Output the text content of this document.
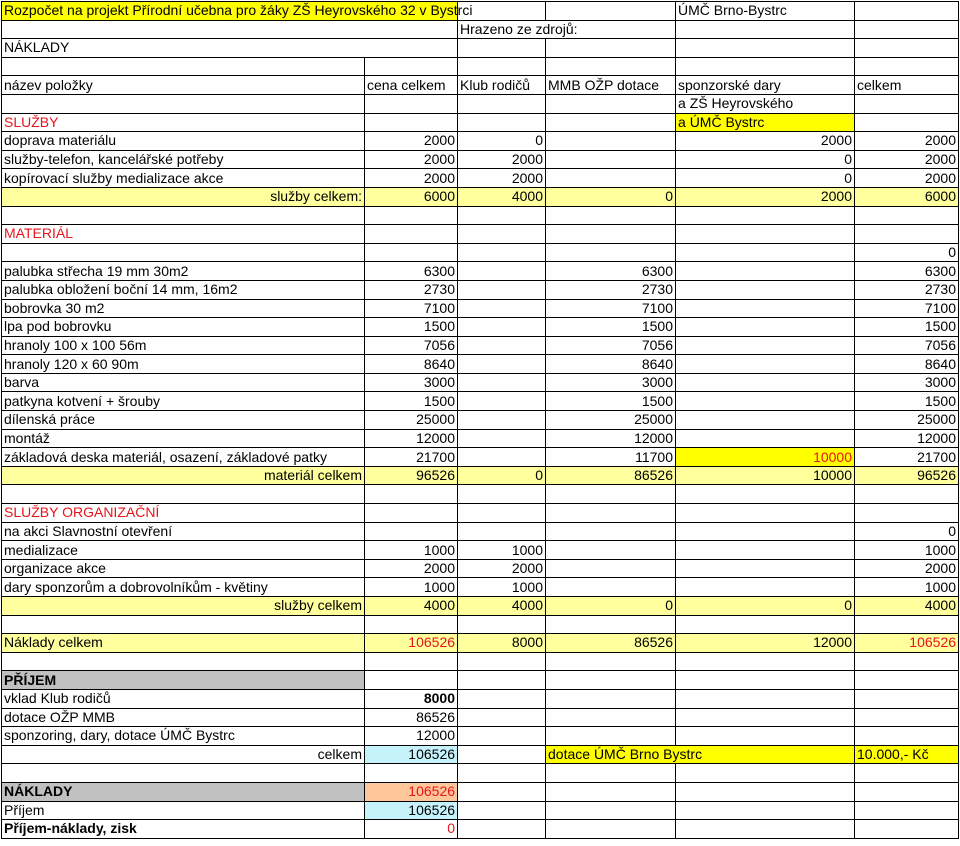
Rozpočet na projekt Přírodní učebna pro žáky ZŠ Heyrovského 32 v Bystrci				ÚMČ Brno-Bystrc	
		Hrazeno ze zdrojů:			
NÁKLADY					

název položky	cena celkem	Klub rodičů	MMB OŽP dotace	sponzorské dary	celkem
				a ZŠ Heyrovského	
SLUŽBY				a ÚMČ Bystrc	
doprava materiálu	2000	0		2000	2000
služby-telefon, kancelářské potřeby	2000	2000		0	2000
kopírovací služby medializace akce	2000	2000		0	2000
služby celkem:	6000	4000	0	2000	6000

MATERIÁL					
					0
palubka střecha 19 mm 30m2	6300		6300		6300
palubka obložení boční 14 mm, 16m2	2730		2730		2730
bobrovka 30 m2	7100		7100		7100
lpa pod bobrovku	1500		1500		1500
hranoly 100 x 100 56m	7056		7056		7056
hranoly 120 x 60 90m	8640		8640		8640
barva	3000		3000		3000
patkyna kotvení + šrouby	1500		1500		1500
dílenská práce	25000		25000		25000
montáž	12000		12000		12000
základová deska materiál, osazení, základové patky	21700		11700	10000	21700
materiál celkem	96526	0	86526	10000	96526

SLUŽBY ORGANIZAČNÍ					
na akci Slavnostní otevření					0
medializace	1000	1000			1000
organizace akce	2000	2000			2000
dary sponzorům a dobrovolníkům - květiny	1000	1000			1000
služby celkem	4000	4000	0	0	4000

Náklady celkem	106526	8000	86526	12000	106526

PŘÍJEM					
vklad Klub rodičů	8000				
dotace OŽP MMB	86526				
sponzoring, dary, dotace ÚMČ Bystrc	12000				
celkem	106526		dotace ÚMČ Brno Bystrc		10.000,- Kč

NÁKLADY	106526				
Příjem	106526				
Příjem-náklady, zisk	0				
